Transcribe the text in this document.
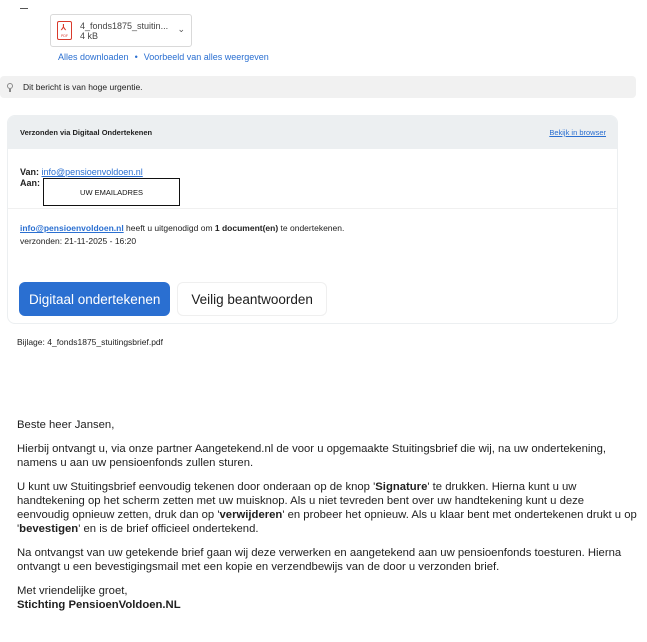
⅄
PDF
4_fonds1875_stuitin...
4 kB
⌄
Alles downloaden • Voorbeeld van alles weergeven
Dit bericht is van hoge urgentie.
Verzonden via Digitaal Ondertekenen	Bekijk in browser
Van: info@pensioenvoldoen.nl
Aan:
UW EMAILADRES
info@pensioenvoldoen.nl heeft u uitgenodigd om 1 document(en) te ondertekenen.
verzonden: 21-11-2025 - 16:20
Digitaal ondertekenen	Veilig beantwoorden
Bijlage: 4_fonds1875_stuitingsbrief.pdf

Beste heer Jansen,

Hierbij ontvangt u, via onze partner Aangetekend.nl de voor u opgemaakte Stuitingsbrief die wij, na uw ondertekening, namens u aan uw pensioenfonds zullen sturen.

U kunt uw Stuitingsbrief eenvoudig tekenen door onderaan op de knop 'Signature' te drukken. Hierna kunt u uw handtekening op het scherm zetten met uw muisknop. Als u niet tevreden bent over uw handtekening kunt u deze eenvoudig opnieuw zetten, druk dan op 'verwijderen' en probeer het opnieuw. Als u klaar bent met ondertekenen drukt u op 'bevestigen' en is de brief officieel ondertekend.

Na ontvangst van uw getekende brief gaan wij deze verwerken en aangetekend aan uw pensioenfonds toesturen. Hierna ontvangt u een bevestigingsmail met een kopie en verzendbewijs van de door u verzonden brief.

Met vriendelijke groet,
Stichting PensioenVoldoen.NL
